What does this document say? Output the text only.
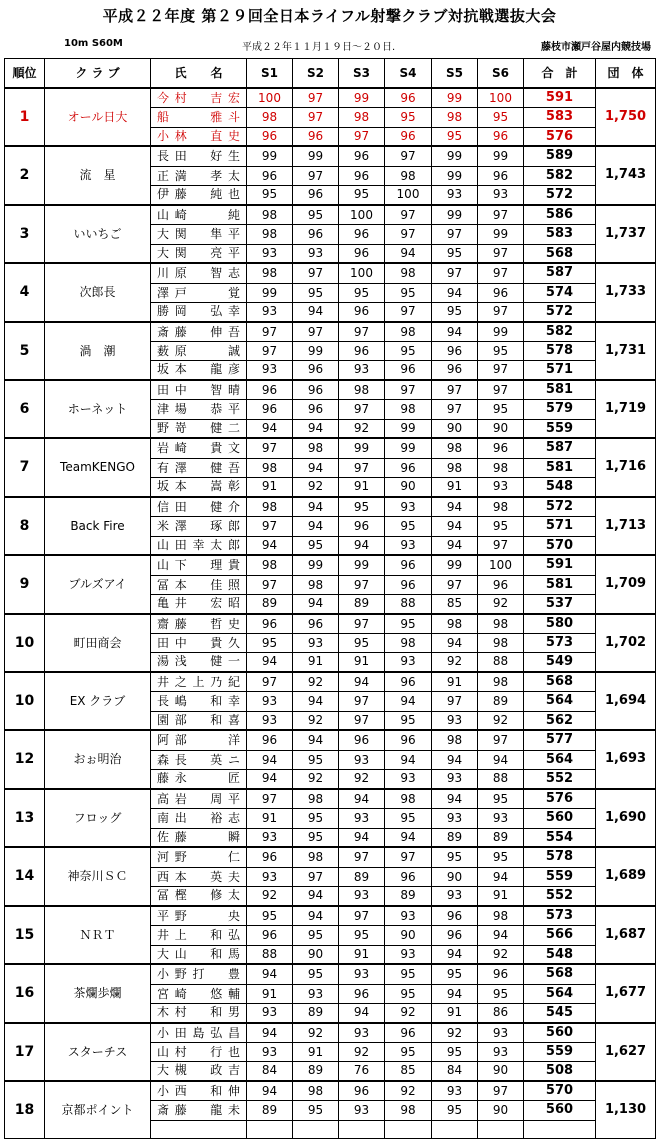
平成２２年度 第２９回全日本ライフル射撃クラブ対抗戦選抜大会
10m S60M	平成２２年１１月１９日～２０日.	藤枝市瀬戸谷屋内競技場
順位	ク ラ ブ	氏　　名	S1	S2	S3	S4	S5	S6	合　計	団　体
1	オール日大	今村　吉宏	100	97	99	96	99	100	591	1,750
		船　　雅斗	98	97	98	95	98	95	583	
		小林　直史	96	96	97	96	95	96	576	
2	流　星	長田　好生	99	99	96	97	99	99	589	1,743
		正満　孝太	96	97	96	98	99	96	582	
		伊藤　純也	95	96	95	100	93	93	572	
3	いいちご	山崎　　純	98	95	100	97	99	97	586	1,737
		大関　隼平	98	96	96	97	97	99	583	
		大関　亮平	93	93	96	94	95	97	568	
4	次郎長	川原　智志	98	97	100	98	97	97	587	1,733
		澤戸　　覚	99	95	95	95	94	96	574	
		勝岡　弘幸	93	94	96	97	95	97	572	
5	渦　潮	斎藤　伸吾	97	97	97	98	94	99	582	1,731
		薮原　　誠	97	99	96	95	96	95	578	
		坂本　龍彦	93	96	93	96	96	97	571	
6	ホーネット	田中　智晴	96	96	98	97	97	97	581	1,719
		津場　恭平	96	96	97	98	97	95	579	
		野嵜　健二	94	94	92	99	90	90	559	
7	TeamKENGO	岩崎　貴文	97	98	99	99	98	96	587	1,716
		有澤　健吾	98	94	97	96	98	98	581	
		坂本　嵩彰	91	92	91	90	91	93	548	
8	Back Fire	信田　健介	98	94	95	93	94	98	572	1,713
		米澤　琢郎	97	94	96	95	94	95	571	
		山田幸太郎	94	95	94	93	94	97	570	
9	ブルズアイ	山下　理貴	98	99	99	96	99	100	591	1,709
		冨本　佳照	97	98	97	96	97	96	581	
		亀井　宏昭	89	94	89	88	85	92	537	
10	町田商会	齋藤　哲史	96	96	97	95	98	98	580	1,702
		田中　貴久	95	93	95	98	94	98	573	
		湯浅　健一	94	91	91	93	92	88	549	
10	EX クラブ	井之上乃紀	97	92	94	96	91	98	568	1,694
		長嶋　和幸	93	94	97	94	97	89	564	
		園部　和喜	93	92	97	95	93	92	562	
12	おぉ明治	阿部　　洋	96	94	96	96	98	97	577	1,693
		森長　英ニ	94	95	93	94	94	94	564	
		藤永　　匠	94	92	92	93	93	88	552	
13	フロッグ	高岩　周平	97	98	94	98	94	95	576	1,690
		南出　裕志	91	95	93	95	93	93	560	
		佐藤　　瞬	93	95	94	94	89	89	554	
14	神奈川ＳＣ	河野　　仁	96	98	97	97	95	95	578	1,689
		西本　英夫	93	97	89	96	90	94	559	
		冨樫　修太	92	94	93	89	93	91	552	
15	ＮＲＴ	平野　　央	95	94	97	93	96	98	573	1,687
		井上　和弘	96	95	95	90	96	94	566	
		大山　和馬	88	90	91	93	94	92	548	
16	茶爛歩爛	小野打　豊	94	95	93	95	95	96	568	1,677
		宮崎　悠輔	91	93	96	95	94	95	564	
		木村　和男	93	89	94	92	91	86	545	
17	スターチス	小田島弘昌	94	92	93	96	92	93	560	1,627
		山村　行也	93	91	92	95	95	93	559	
		大槻　政吉	84	89	76	85	84	90	508	
18	京都ポイント	小西　和伸	94	98	96	92	93	97	570	1,130
		斎藤　龍未	89	95	93	98	95	90	560	
